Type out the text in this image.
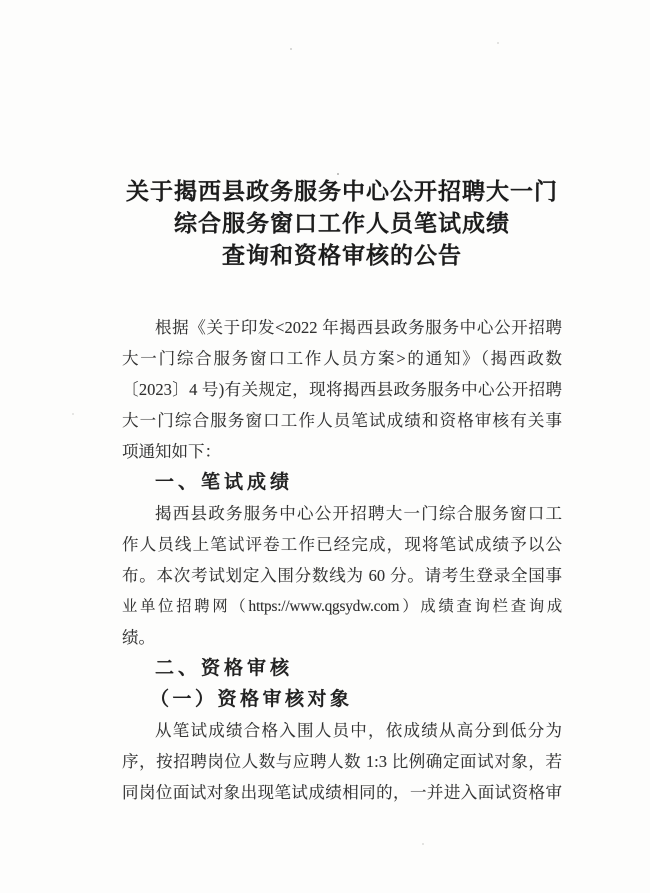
关于揭西县政务服务中心公开招聘大一门
综合服务窗口工作人员笔试成绩
查询和资格审核的公告
根据《关于印发<2022 年揭西县政务服务中心公开招聘
大一门综合服务窗口工作人员方案>的通知》（揭西政数
〔2023〕4 号)有关规定，现将揭西县政务服务中心公开招聘
大一门综合服务窗口工作人员笔试成绩和资格审核有关事
项通知如下：
一、笔试成绩
揭西县政务服务中心公开招聘大一门综合服务窗口工
作人员线上笔试评卷工作已经完成，现将笔试成绩予以公
布。本次考试划定入围分数线为 60 分。请考生登录全国事
业单位招聘网（https://www.qgsydw.com）成绩查询栏查询成
绩。
二、资格审核
（一）资格审核对象
从笔试成绩合格入围人员中，依成绩从高分到低分为
序，按招聘岗位人数与应聘人数 1:3 比例确定面试对象，若
同岗位面试对象出现笔试成绩相同的，一并进入面试资格审
